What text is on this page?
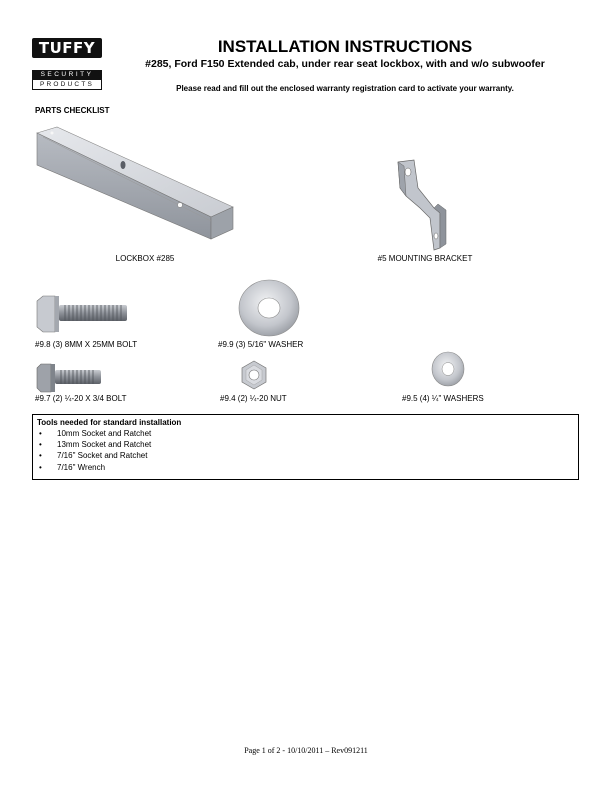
TUFFY
SECURITY
PRODUCTS
INSTALLATION INSTRUCTIONS
#285, Ford F150 Extended cab, under rear seat lockbox, with and w/o subwoofer
Please read and fill out the enclosed warranty registration card to activate your warranty.
PARTS CHECKLIST
LOCKBOX #285	#5 MOUNTING BRACKET
#9.8 (3) 8MM X 25MM BOLT	#9.9 (3) 5/16" WASHER
#9.7 (2) ¼-20 X 3/4 BOLT	#9.4 (2) ¼-20 NUT	#9.5 (4) ¼" WASHERS
Tools needed for standard installation
• 10mm Socket and Ratchet
• 13mm Socket and Ratchet
• 7/16" Socket and Ratchet
• 7/16" Wrench
Page 1 of 2 - 10/10/2011 – Rev091211
